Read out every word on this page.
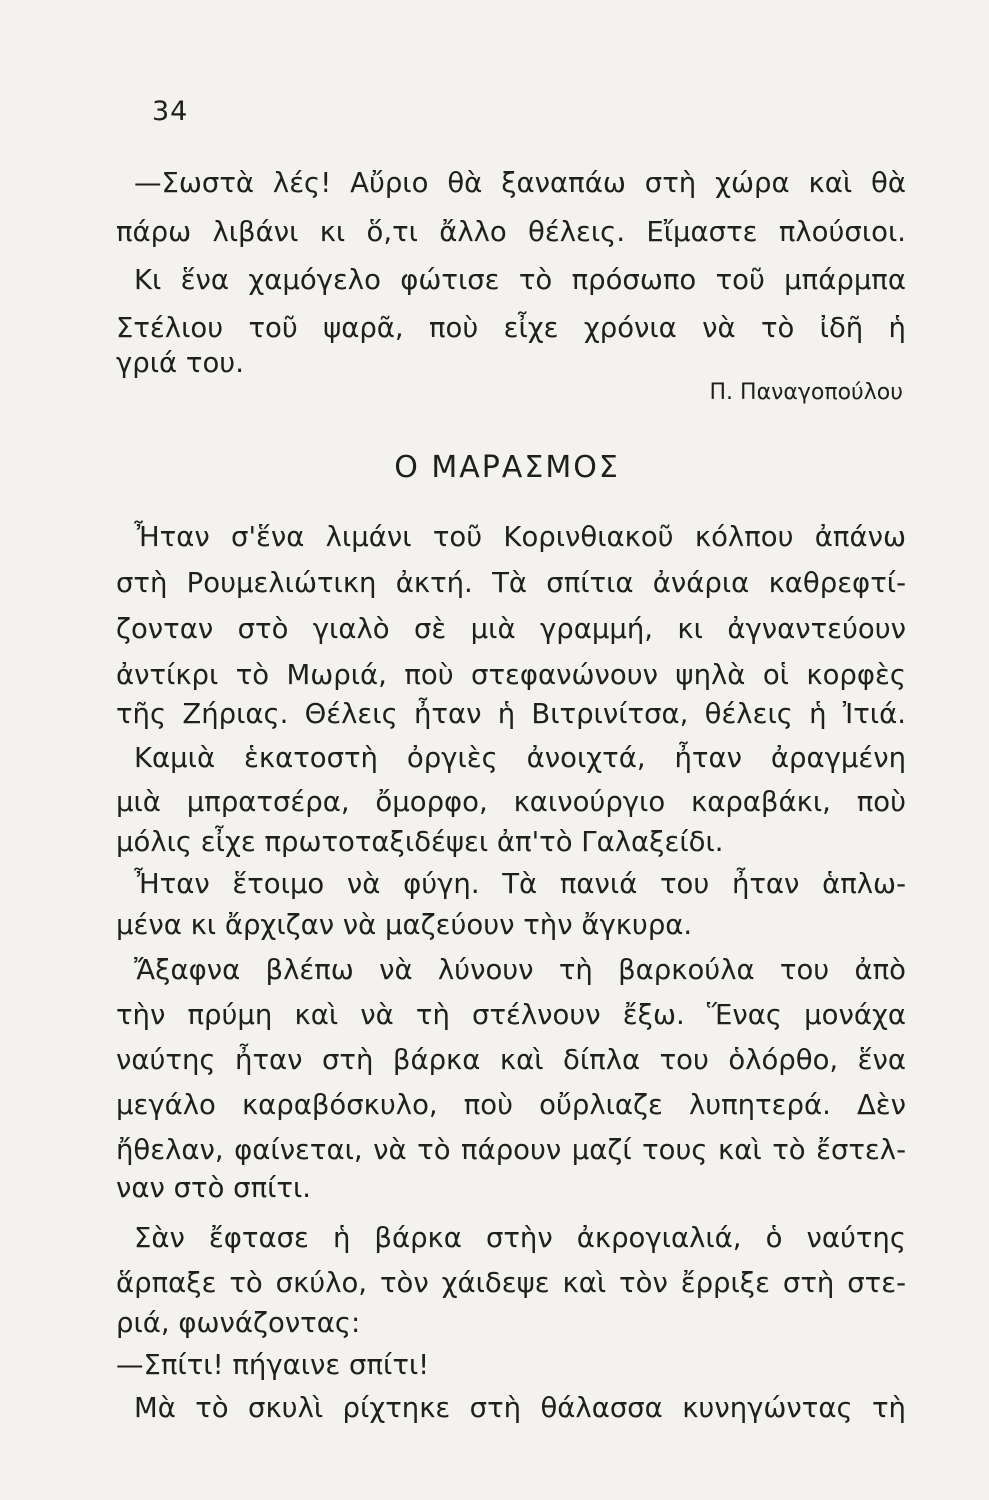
34
—Σωστὰ λές! Αὔριο θὰ ξαναπάω στὴ χώρα καὶ θὰ
πάρω λιβάνι κι ὅ,τι ἄλλο θέλεις. Εἴμαστε πλούσιοι.
Κι ἕνα χαμόγελο φώτισε τὸ πρόσωπο τοῦ μπάρμπα
Στέλιου τοῦ ψαρᾶ, ποὺ εἶχε χρόνια νὰ τὸ ἰδῆ ἡ
γριά του.
Π. Παναγοπούλου
Ο ΜΑΡΑΣΜΟΣ
Ἦταν σ'ἕνα λιμάνι τοῦ Κορινθιακοῦ κόλπου ἀπάνω
στὴ Ρουμελιώτικη ἀκτή. Τὰ σπίτια ἀνάρια καθρεφτί-
ζονταν στὸ γιαλὸ σὲ μιὰ γραμμή, κι ἀγναντεύουν
ἀντίκρι τὸ Μωριά, ποὺ στεφανώνουν ψηλὰ οἱ κορφὲς
τῆς Ζήριας. Θέλεις ἦταν ἡ Βιτρινίτσα, θέλεις ἡ Ἰτιά.
Καμιὰ ἑκατοστὴ ὀργιὲς ἀνοιχτά, ἦταν ἀραγμένη
μιὰ μπρατσέρα, ὄμορφο, καινούργιο καραβάκι, ποὺ
μόλις εἶχε πρωτοταξιδέψει ἀπ'τὸ Γαλαξείδι.
Ἦταν ἕτοιμο νὰ φύγη. Τὰ πανιά του ἦταν ἁπλω-
μένα κι ἄρχιζαν νὰ μαζεύουν τὴν ἄγκυρα.
Ἄξαφνα βλέπω νὰ λύνουν τὴ βαρκούλα του ἀπὸ
τὴν πρύμη καὶ νὰ τὴ στέλνουν ἔξω. Ἕνας μονάχα
ναύτης ἦταν στὴ βάρκα καὶ δίπλα του ὁλόρθο, ἕνα
μεγάλο καραβόσκυλο, ποὺ οὔρλιαζε λυπητερά. Δὲν
ἤθελαν, φαίνεται, νὰ τὸ πάρουν μαζί τους καὶ τὸ ἔστελ-
ναν στὸ σπίτι.
Σὰν ἔφτασε ἡ βάρκα στὴν ἀκρογιαλιά, ὁ ναύτης
ἅρπαξε τὸ σκύλο, τὸν χάιδεψε καὶ τὸν ἔρριξε στὴ στε-
ριά, φωνάζοντας:
—Σπίτι! πήγαινε σπίτι!
Μὰ τὸ σκυλὶ ρίχτηκε στὴ θάλασσα κυνηγώντας τὴ
